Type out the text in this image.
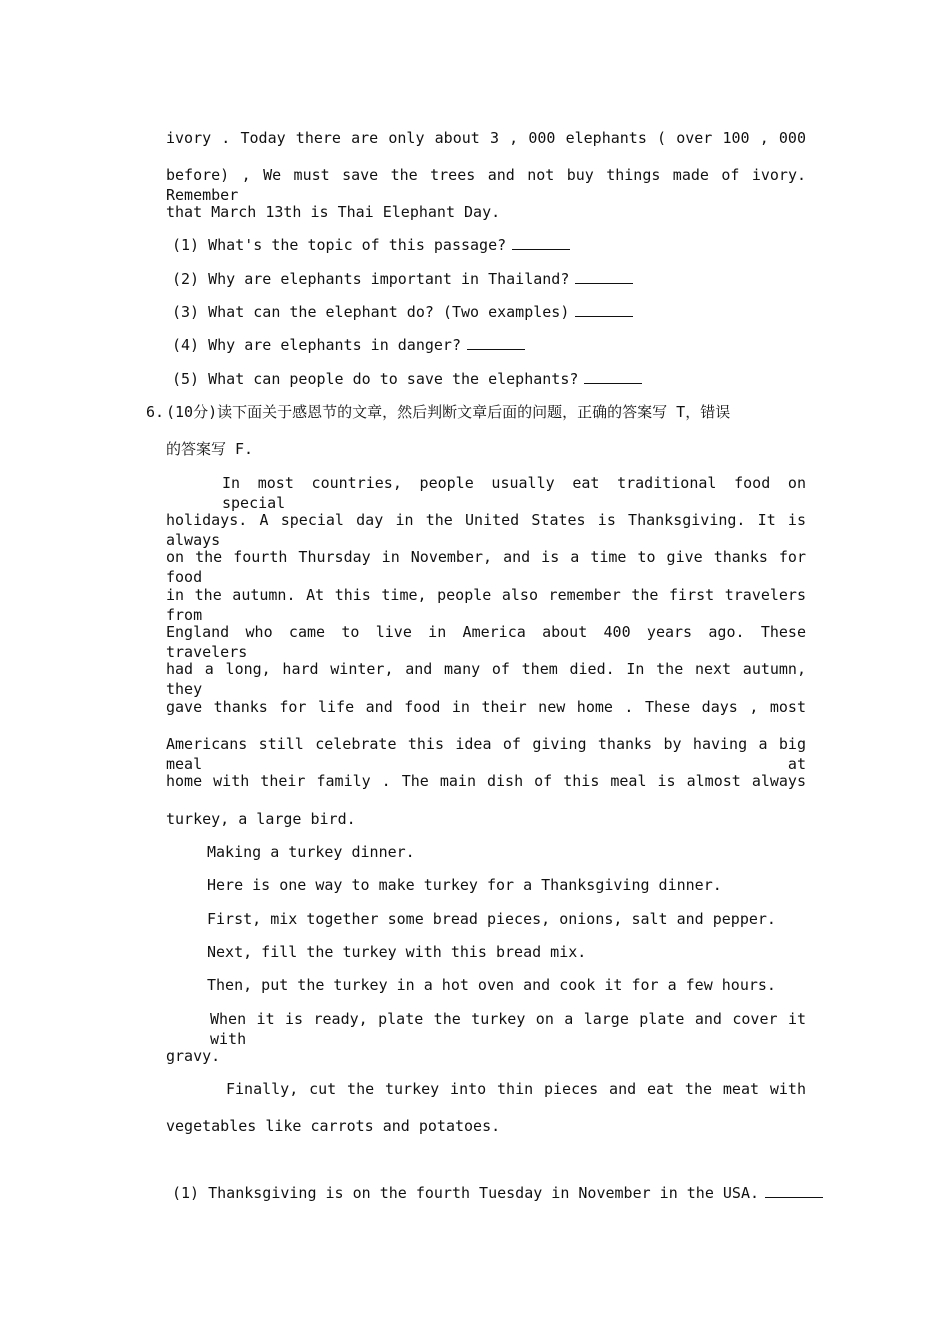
ivory . Today there are only about 3 , 000 elephants ( over 100 , 000
before) , We must save the trees and not buy things made of ivory. Remember
that March 13th is Thai Elephant Day.
(1) What's the topic of this passage?
(2) Why are elephants important in Thailand?
(3) What can the elephant do? (Two examples)
(4) Why are elephants in danger?
(5) What can people do to save the elephants?
6. (10分)读下面关于感恩节的文章，然后判断文章后面的问题，正确的答案写 T，错误
的答案写 F.
In most countries, people usually eat traditional food on special
holidays. A special day in the United States is Thanksgiving. It is always
on the fourth Thursday in November, and is a time to give thanks for food
in the autumn. At this time, people also remember the first travelers from
England who came to live in America about 400 years ago. These travelers
had a long, hard winter, and many of them died. In the next autumn, they
gave thanks for life and food in their new home . These days , most
Americans still celebrate this idea of giving thanks by having a big meal at
home with their family . The main dish of this meal is almost always
turkey, a large bird.
Making a turkey dinner.
Here is one way to make turkey for a Thanksgiving dinner.
First, mix together some bread pieces, onions, salt and pepper.
Next, fill the turkey with this bread mix.
Then, put the turkey in a hot oven and cook it for a few hours.
When it is ready, plate the turkey on a large plate and cover it with
gravy.
Finally, cut the turkey into thin pieces and eat the meat with
vegetables like carrots and potatoes.
(1) Thanksgiving is on the fourth Tuesday in November in the USA.
